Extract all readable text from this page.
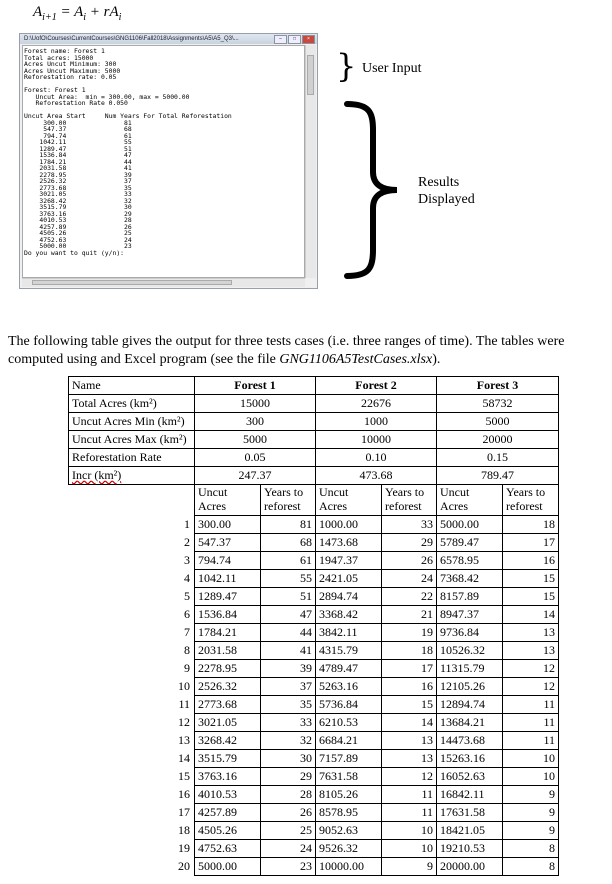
$A_{i+1} = A_i + rA_i$
D:\UofO\Courses\CurrentCourses\GNG1106\Fall2018\Assignments\A5\A5_Q3\...	–	□	×
Forest name: Forest 1
Total acres: 15000
Acres Uncut Minimum: 300
Acres Uncut Maximum: 5000
Reforestation rate: 0.05

Forest: Forest 1
Uncut Area:  min = 300.00, max = 5000.00
Reforestation Rate 0.050

Uncut Area Start     Num Years For Total Reforestation
300.00               81
547.37               68
794.74               61
1042.11               55
1289.47               51
1536.84               47
1784.21               44
2031.58               41
2278.95               39
2526.32               37
2773.68               35
3021.05               33
3268.42               32
3515.79               30
3763.16               29
4010.53               28
4257.89               26
4505.26               25
4752.63               24
5000.00               23
Do you want to quit (y/n):
} User Input
Results
Displayed
The following table gives the output for three tests cases (i.e. three ranges of time). The tables were computed using and Excel program (see the file GNG1106A5TestCases.xlsx).
Name	Forest 1		Forest 2		Forest 3	
Total Acres (km²)	15000		22676		58732	
Uncut Acres Min (km²)	300		1000		5000	
Uncut Acres Max (km²)	5000		10000		20000	
Reforestation Rate	0.05		0.10		0.15	
Incr (km²)	247.37		473.68		789.47	
	Uncut Acres	Years to reforest	Uncut Acres	Years to reforest	Uncut Acres	Years to reforest
1	300.00	81	1000.00	33	5000.00	18
2	547.37	68	1473.68	29	5789.47	17
3	794.74	61	1947.37	26	6578.95	16
4	1042.11	55	2421.05	24	7368.42	15
5	1289.47	51	2894.74	22	8157.89	15
6	1536.84	47	3368.42	21	8947.37	14
7	1784.21	44	3842.11	19	9736.84	13
8	2031.58	41	4315.79	18	10526.32	13
9	2278.95	39	4789.47	17	11315.79	12
10	2526.32	37	5263.16	16	12105.26	12
11	2773.68	35	5736.84	15	12894.74	11
12	3021.05	33	6210.53	14	13684.21	11
13	3268.42	32	6684.21	13	14473.68	11
14	3515.79	30	7157.89	13	15263.16	10
15	3763.16	29	7631.58	12	16052.63	10
16	4010.53	28	8105.26	11	16842.11	9
17	4257.89	26	8578.95	11	17631.58	9
18	4505.26	25	9052.63	10	18421.05	9
19	4752.63	24	9526.32	10	19210.53	8
20	5000.00	23	10000.00	9	20000.00	8
